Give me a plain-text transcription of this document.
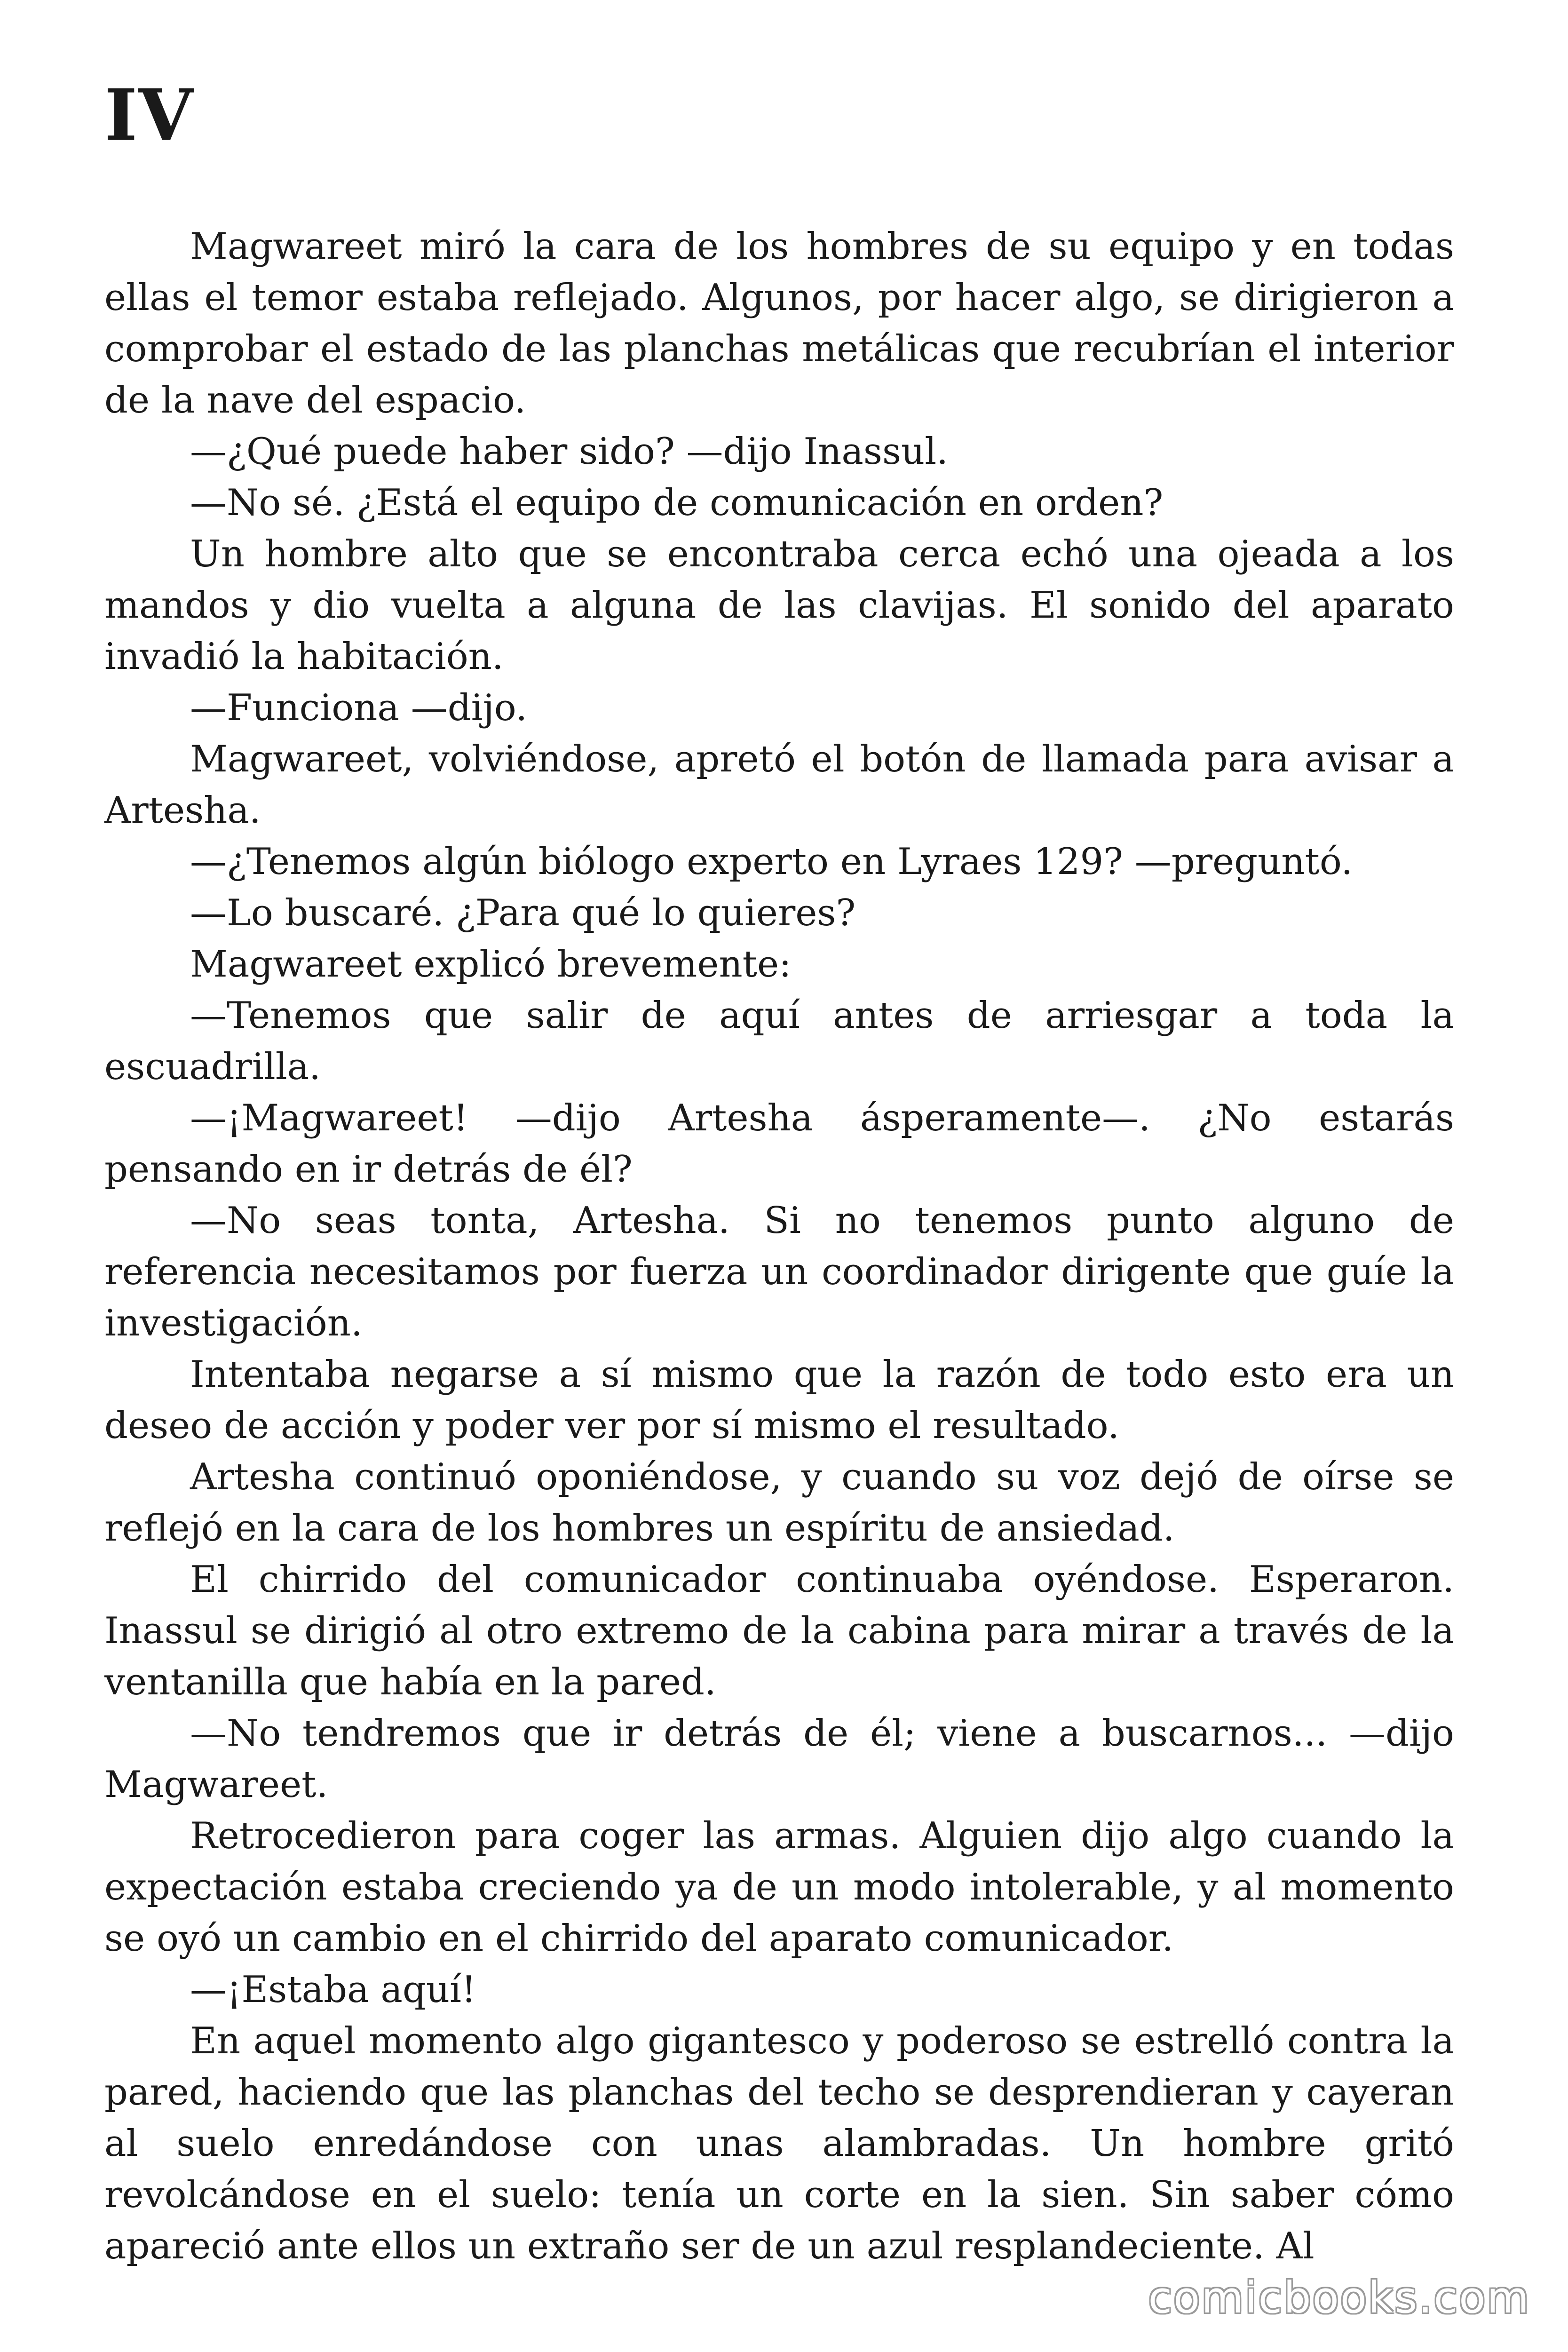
IV

Magwareet miró la cara de los hombres de su equipo y en todas ellas el temor estaba reflejado. Algunos, por hacer algo, se dirigieron a comprobar el estado de las planchas metálicas que recubrían el interior de la nave del espacio.

—¿Qué puede haber sido? —dijo Inassul.

—No sé. ¿Está el equipo de comunicación en orden?

Un hombre alto que se encontraba cerca echó una ojeada a los mandos y dio vuelta a alguna de las clavijas. El sonido del aparato invadió la habitación.

—Funciona —dijo.

Magwareet, volviéndose, apretó el botón de llamada para avisar a Artesha.

—¿Tenemos algún biólogo experto en Lyraes 129? —preguntó.

—Lo buscaré. ¿Para qué lo quieres?

Magwareet explicó brevemente:

—Tenemos que salir de aquí antes de arriesgar a toda la escuadrilla.

—¡Magwareet! —dijo Artesha ásperamente—. ¿No estarás pensando en ir detrás de él?

—No seas tonta, Artesha. Si no tenemos punto alguno de referencia necesitamos por fuerza un coordinador dirigente que guíe la investigación.

Intentaba negarse a sí mismo que la razón de todo esto era un deseo de acción y poder ver por sí mismo el resultado.

Artesha continuó oponiéndose, y cuando su voz dejó de oírse se reflejó en la cara de los hombres un espíritu de ansiedad.

El chirrido del comunicador continuaba oyéndose. Esperaron. Inassul se dirigió al otro extremo de la cabina para mirar a través de la ventanilla que había en la pared.

—No tendremos que ir detrás de él; viene a buscarnos... —dijo Magwareet.

Retrocedieron para coger las armas. Alguien dijo algo cuando la expectación estaba creciendo ya de un modo intolerable, y al momento se oyó un cambio en el chirrido del aparato comunicador.

—¡Estaba aquí!

En aquel momento algo gigantesco y poderoso se estrelló contra la pared, haciendo que las planchas del techo se desprendieran y cayeran al suelo enredándose con unas alambradas. Un hombre gritó revolcándose en el suelo: tenía un corte en la sien. Sin saber cómo apareció ante ellos un extraño ser de un azul resplandeciente. Al

comicbooks.com
